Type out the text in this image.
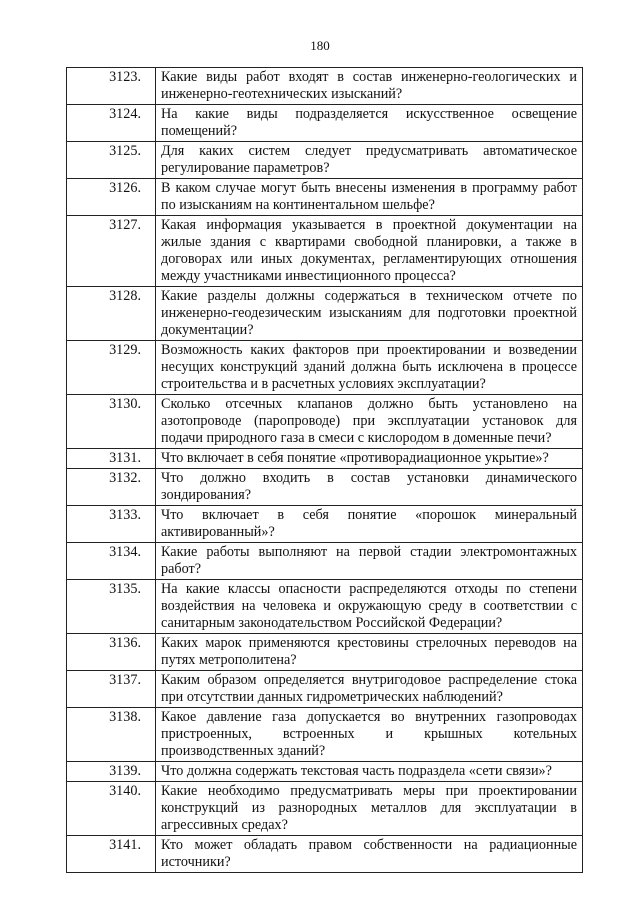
180
3123.	Какие виды работ входят в состав инженерно-геологических и инженерно-геотехнических изысканий?
3124.	На какие виды подразделяется искусственное освещение помещений?
3125.	Для каких систем следует предусматривать автоматическое регулирование параметров?
3126.	В каком случае могут быть внесены изменения в программу работ по изысканиям на континентальном шельфе?
3127.	Какая информация указывается в проектной документации на жилые здания с квартирами свободной планировки, а также в договорах или иных документах, регламентирующих отношения между участниками инвестиционного процесса?
3128.	Какие разделы должны содержаться в техническом отчете по инженерно-геодезическим изысканиям для подготовки проектной документации?
3129.	Возможность каких факторов при проектировании и возведении несущих конструкций зданий должна быть исключена в процессе строительства и в расчетных условиях эксплуатации?
3130.	Сколько отсечных клапанов должно быть установлено на азотопроводе (паропроводе) при эксплуатации установок для подачи природного газа в смеси с кислородом в доменные печи?
3131.	Что включает в себя понятие «противорадиационное укрытие»?
3132.	Что должно входить в состав установки динамического зондирования?
3133.	Что включает в себя понятие «порошок минеральный активированный»?
3134.	Какие работы выполняют на первой стадии электромонтажных работ?
3135.	На какие классы опасности распределяются отходы по степени воздействия на человека и окружающую среду в соответствии с санитарным законодательством Российской Федерации?
3136.	Каких марок применяются крестовины стрелочных переводов на путях метрополитена?
3137.	Каким образом определяется внутригодовое распределение стока при отсутствии данных гидрометрических наблюдений?
3138.	Какое давление газа допускается во внутренних газопроводах пристроенных, встроенных и крышных котельных производственных зданий?
3139.	Что должна содержать текстовая часть подраздела «сети связи»?
3140.	Какие необходимо предусматривать меры при проектировании конструкций из разнородных металлов для эксплуатации в агрессивных средах?
3141.	Кто может обладать правом собственности на радиационные источники?
